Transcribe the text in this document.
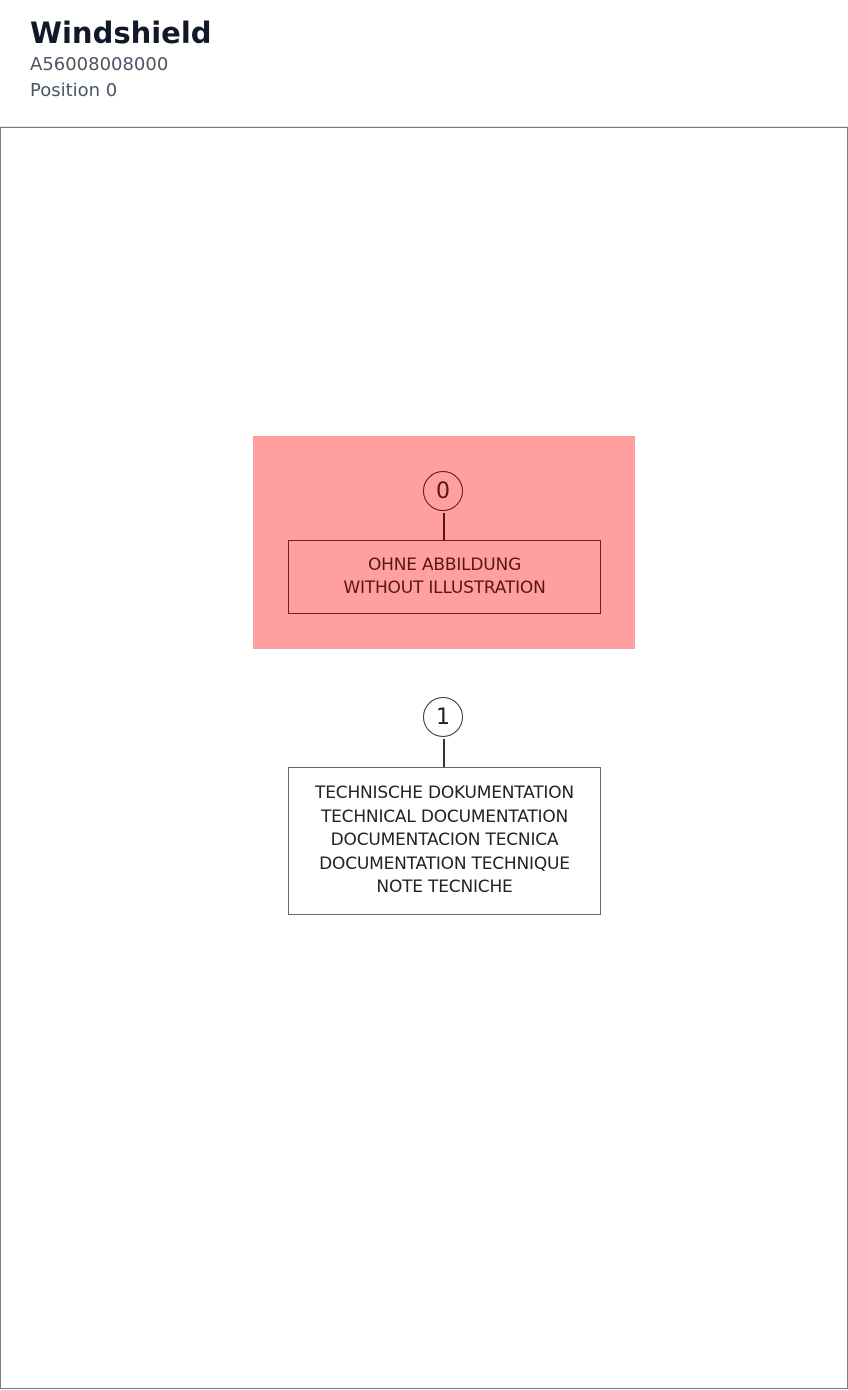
Windshield
A56008008000
Position 0
0
OHNE ABBILDUNG
WITHOUT ILLUSTRATION
1
TECHNISCHE DOKUMENTATION
TECHNICAL DOCUMENTATION
DOCUMENTACION TECNICA
DOCUMENTATION TECHNIQUE
NOTE TECNICHE
